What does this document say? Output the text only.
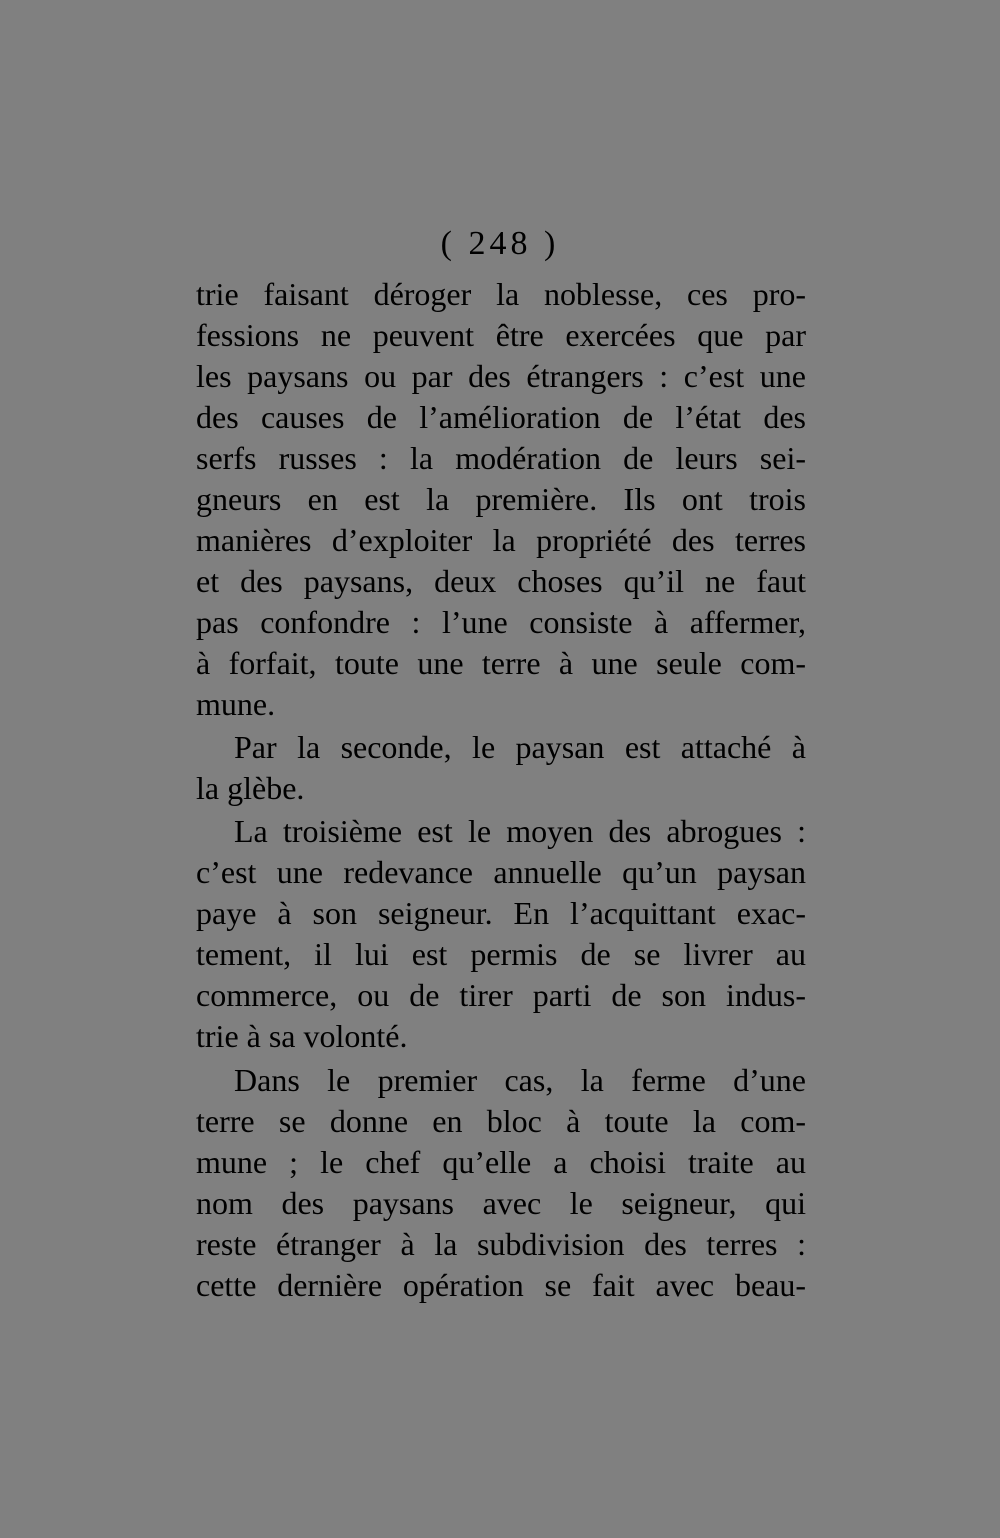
( 248 )
trie faisant déroger la noblesse, ces pro-
fessions ne peuvent être exercées que par
les paysans ou par des étrangers : c’est une
des causes de l’amélioration de l’état des
serfs russes : la modération de leurs sei-
gneurs en est la première. Ils ont trois
manières d’exploiter la propriété des terres
et des paysans, deux choses qu’il ne faut
pas confondre : l’une consiste à affermer,
à forfait, toute une terre à une seule com-
mune.
Par la seconde, le paysan est attaché à
la glèbe.
La troisième est le moyen des abrogues :
c’est une redevance annuelle qu’un paysan
paye à son seigneur. En l’acquittant exac-
tement, il lui est permis de se livrer au
commerce, ou de tirer parti de son indus-
trie à sa volonté.
Dans le premier cas, la ferme d’une
terre se donne en bloc à toute la com-
mune ; le chef qu’elle a choisi traite au
nom des paysans avec le seigneur, qui
reste étranger à la subdivision des terres :
cette dernière opération se fait avec beau-
